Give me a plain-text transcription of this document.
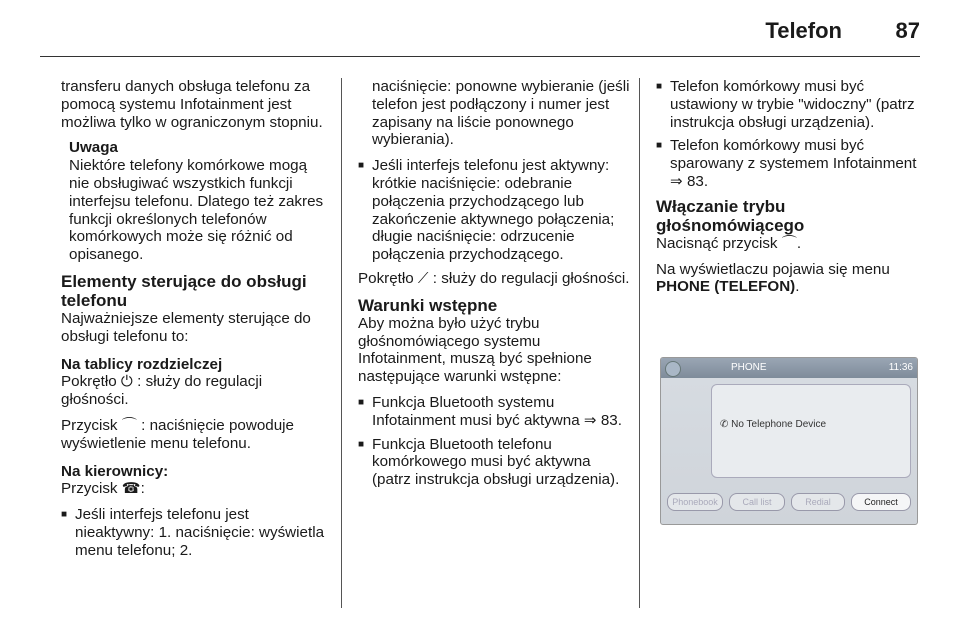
Telefon 87

transferu danych obsługa telefonu za pomocą systemu Infotainment jest możliwa tylko w ograniczonym stopniu.

Uwaga
Niektóre telefony komórkowe mogą nie obsługiwać wszystkich funkcji interfejsu telefonu. Dlatego też zakres funkcji określonych telefonów komórkowych może się różnić od opisanego.
Elementy sterujące do obsługi telefonu

Najważniejsze elementy sterujące do obsługi telefonu to:

Na tablicy rozdzielczej

Pokrętło ⏻ : służy do regulacji głośności.

Przycisk ⌒ : naciśnięcie powoduje wyświetlenie menu telefonu.

Na kierownicy:

Przycisk ☎:

■ Jeśli interfejs telefonu jest nieaktywny: 1. naciśnięcie: wyświetla menu telefonu; 2.

naciśnięcie: ponowne wybieranie (jeśli telefon jest podłączony i numer jest zapisany na liście ponownego wybierania).

■ Jeśli interfejs telefonu jest aktywny: krótkie naciśnięcie: odebranie połączenia przychodzącego lub zakończenie aktywnego połączenia; długie naciśnięcie: odrzucenie połączenia przychodzącego.

Pokrętło ⟋ : służy do regulacji głośności.

Warunki wstępne

Aby można było użyć trybu głośnomówiącego systemu Infotainment, muszą być spełnione następujące warunki wstępne:

■ Funkcja Bluetooth systemu Infotainment musi być aktywna ⇒ 83.
■ Funkcja Bluetooth telefonu komórkowego musi być aktywna (patrz instrukcja obsługi urządzenia).
■ Telefon komórkowy musi być ustawiony w trybie "widoczny" (patrz instrukcja obsługi urządzenia).
■ Telefon komórkowy musi być sparowany z systemem Infotainment ⇒ 83.
Włączanie trybu głośnomówiącego

Nacisnąć przycisk ⌒.

Na wyświetlaczu pojawia się menu PHONE (TELEFON).

PHONE	11:36
✆ No Telephone Device
Phonebook	Call list	Redial	Connect
